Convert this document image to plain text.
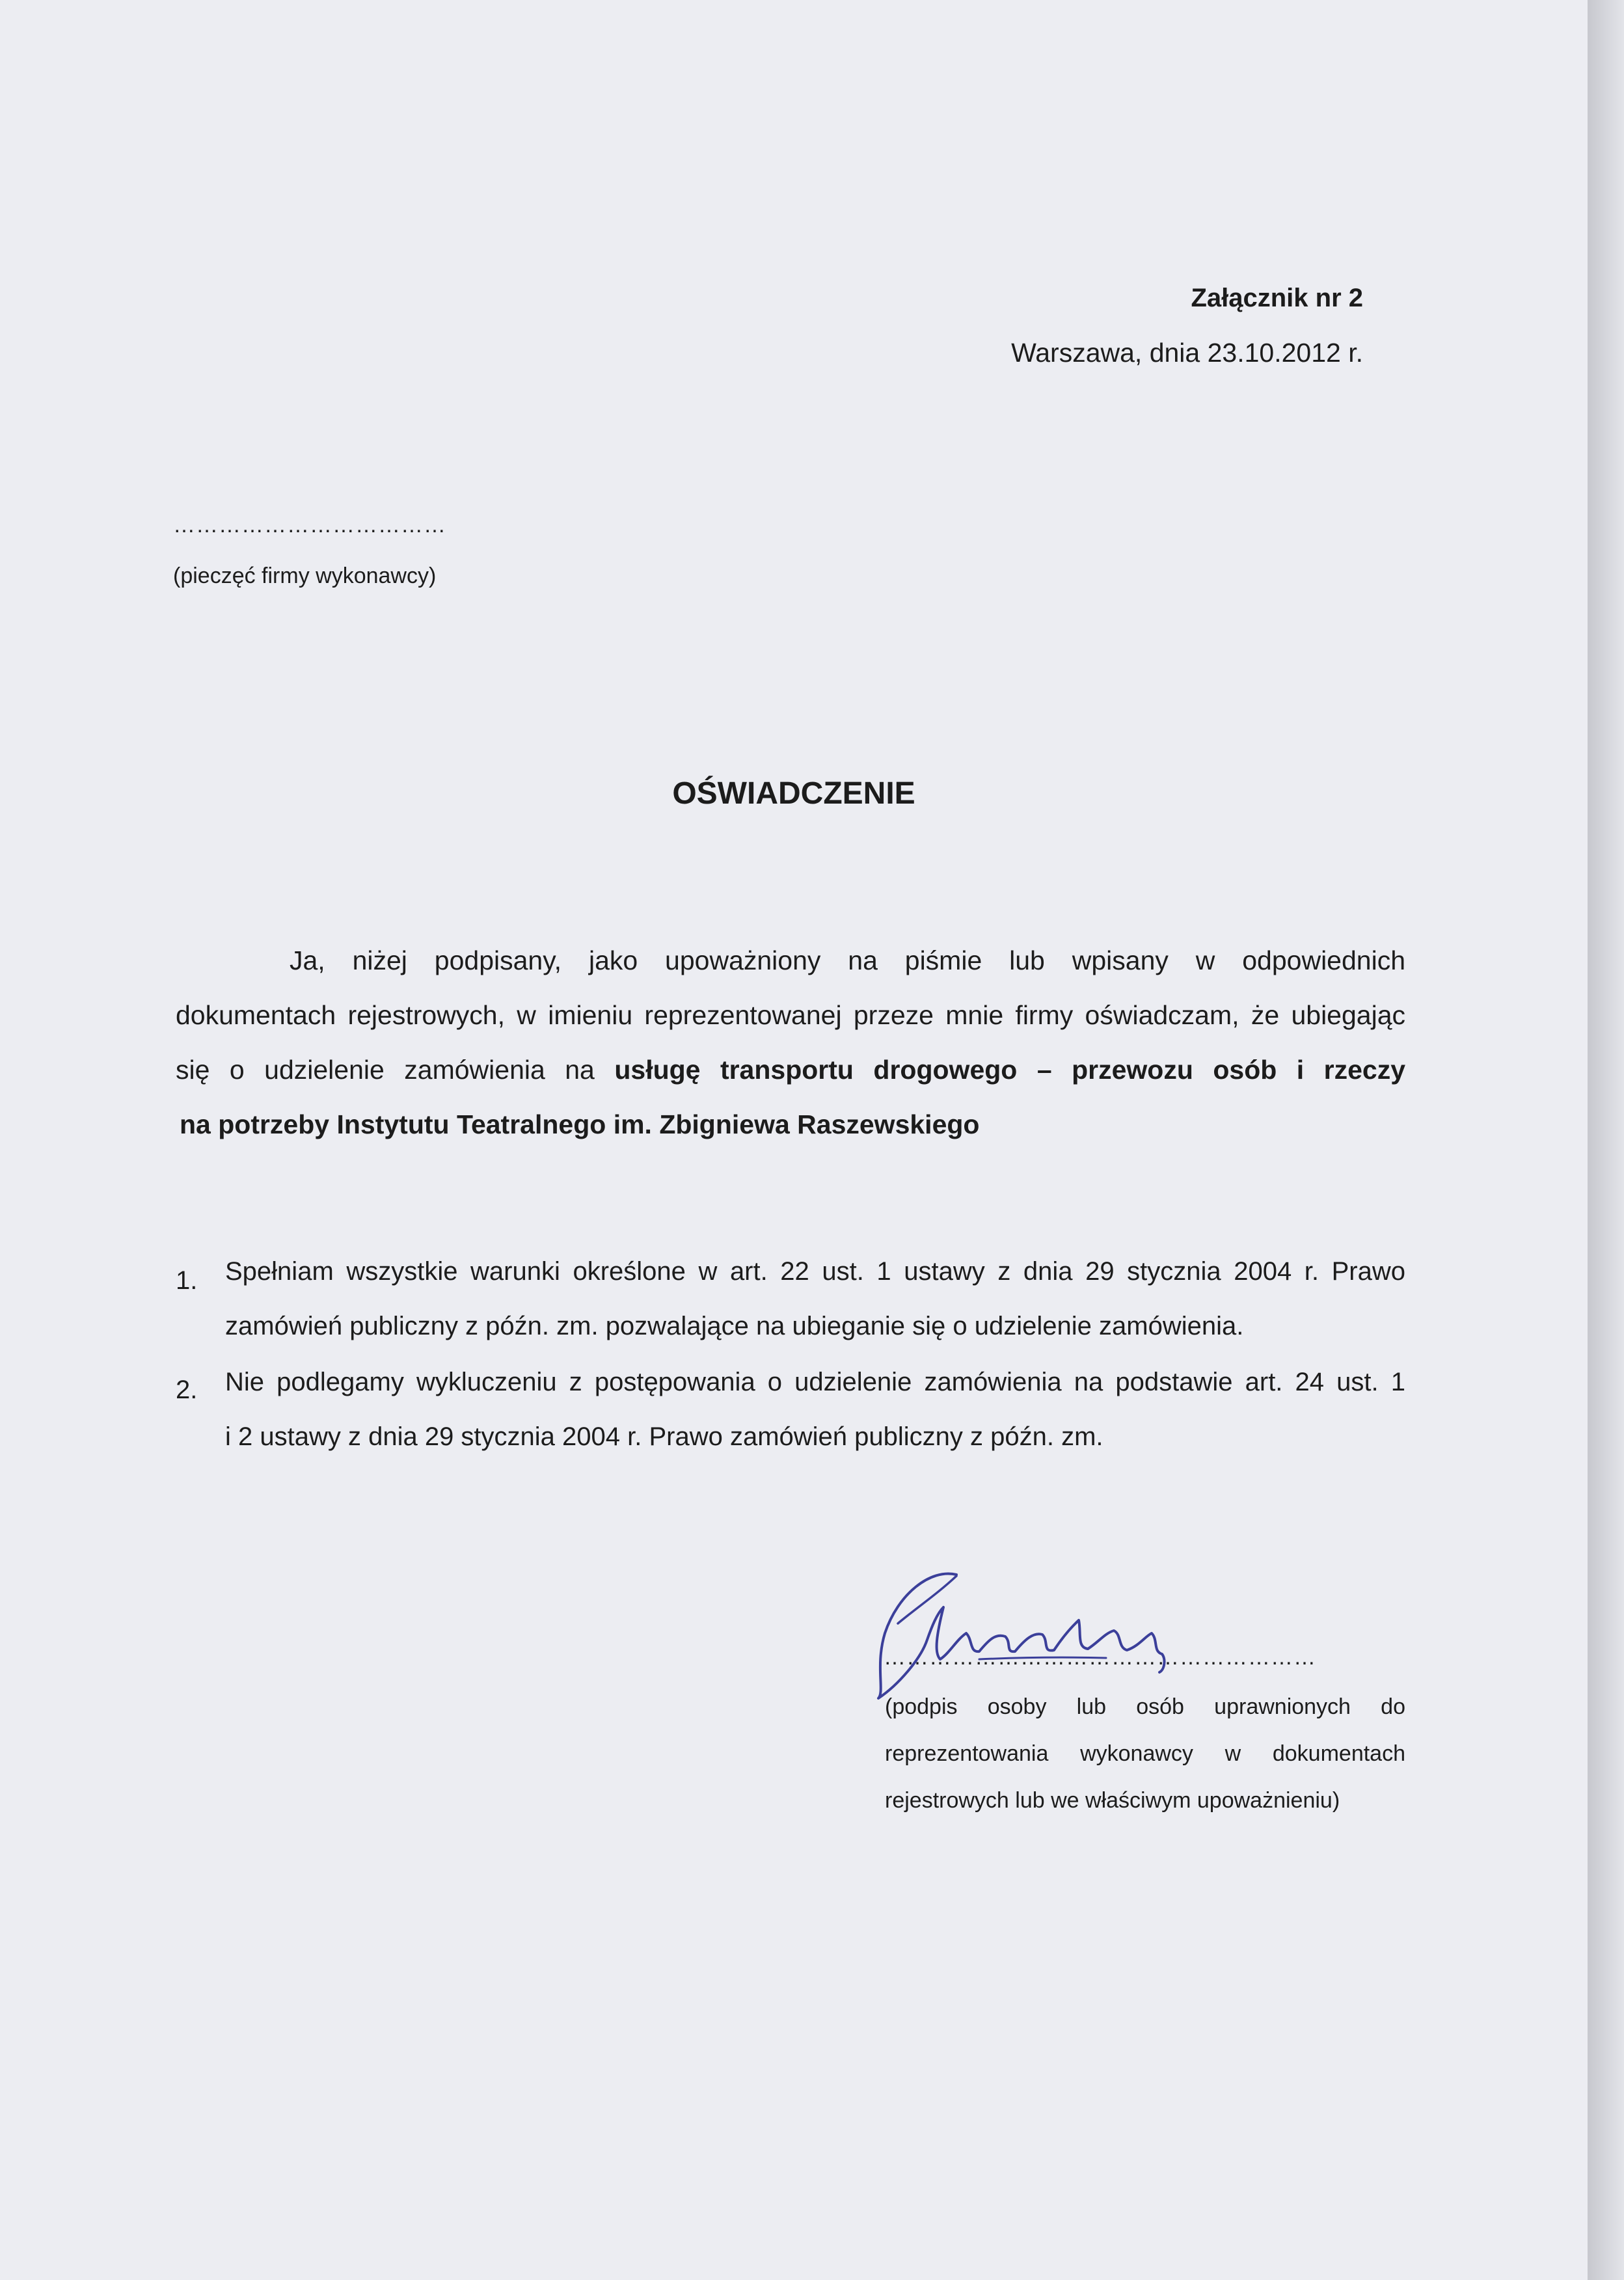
Załącznik nr 2
Warszawa, dnia 23.10.2012 r.
………………………………
(pieczęć firmy wykonawcy)
OŚWIADCZENIE
Ja, niżej podpisany, jako upoważniony na piśmie lub wpisany w odpowiednich
dokumentach rejestrowych, w imieniu reprezentowanej przeze mnie firmy oświadczam, że ubiegając
się o udzielenie zamówienia na usługę transportu drogowego – przewozu osób i rzeczy
na potrzeby Instytutu Teatralnego im. Zbigniewa Raszewskiego
1. Spełniam wszystkie warunki określone w art. 22 ust. 1 ustawy z dnia 29 stycznia 2004 r. Prawo
zamówień publiczny z późn. zm. pozwalające na ubieganie się o udzielenie zamówienia.
2. Nie podlegamy wykluczeniu z postępowania o udzielenie zamówienia na podstawie art. 24 ust. 1
i 2 ustawy z dnia 29 stycznia 2004 r. Prawo zamówień publiczny z późn. zm.
…………………………………………………
(podpis osoby lub osób uprawnionych do
reprezentowania wykonawcy w dokumentach
rejestrowych lub we właściwym upoważnieniu)
